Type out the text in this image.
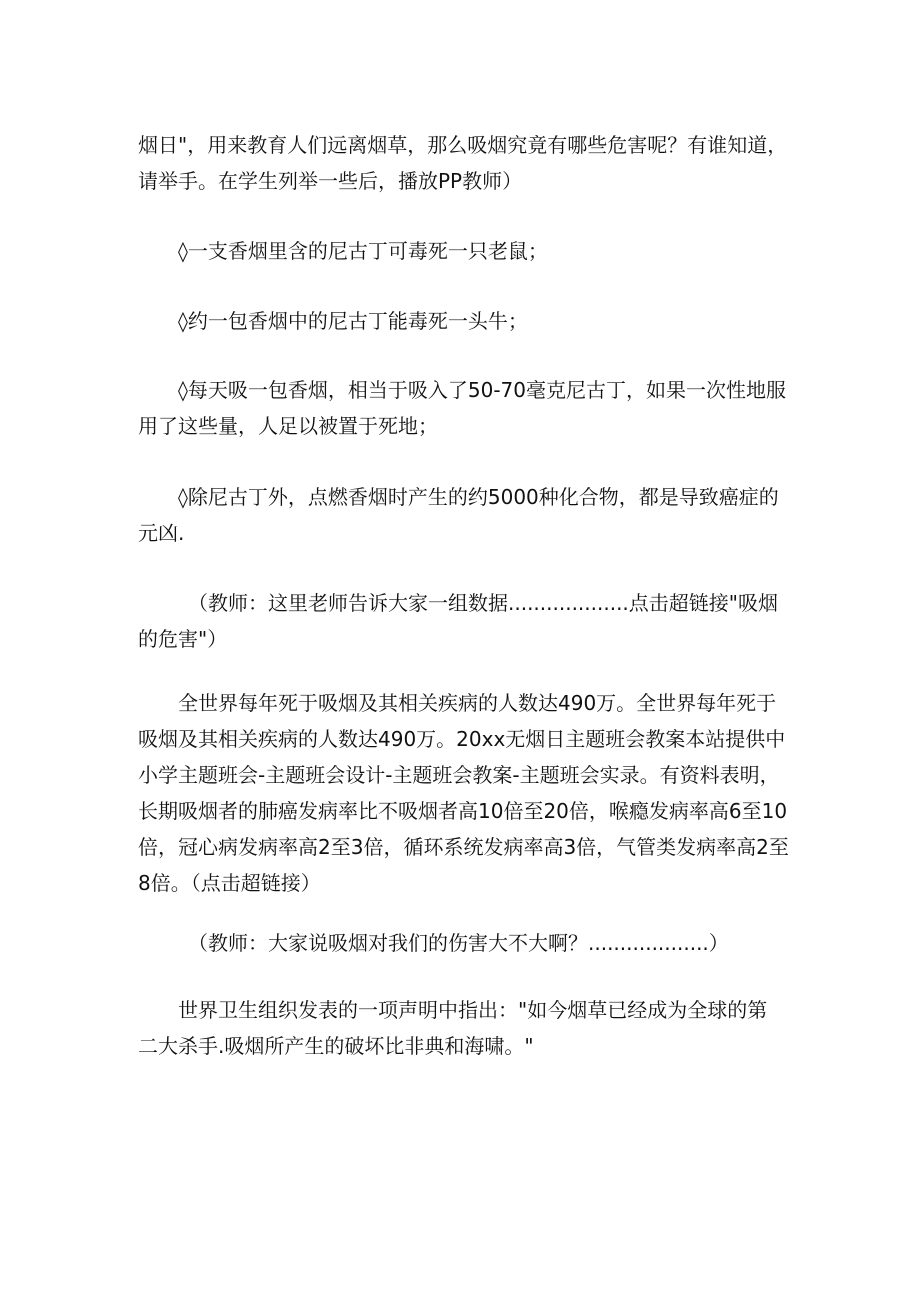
烟日"，用来教育人们远离烟草，那么吸烟究竟有哪些危害呢？有谁知道，
请举手。在学生列举一些后，播放PP教师）

◊一支香烟里含的尼古丁可毒死一只老鼠；

◊约一包香烟中的尼古丁能毒死一头牛；

◊每天吸一包香烟，相当于吸入了50-70毫克尼古丁，如果一次性地服
用了这些量，人足以被置于死地；

◊除尼古丁外，点燃香烟时产生的约5000种化合物，都是导致癌症的
元凶.

（教师：这里老师告诉大家一组数据...................点击超链接"吸烟
的危害"）

全世界每年死于吸烟及其相关疾病的人数达490万。全世界每年死于
吸烟及其相关疾病的人数达490万。20xx无烟日主题班会教案本站提供中
小学主题班会-主题班会设计-主题班会教案-主题班会实录。有资料表明，
长期吸烟者的肺癌发病率比不吸烟者高10倍至20倍，喉瘾发病率高6至10
倍，冠心病发病率高2至3倍，循环系统发病率高3倍，气管类发病率高2至
8倍。（点击超链接）

（教师：大家说吸烟对我们的伤害大不大啊？...................）

世界卫生组织发表的一项声明中指出："如今烟草已经成为全球的第
二大杀手.吸烟所产生的破坏比非典和海啸。"
